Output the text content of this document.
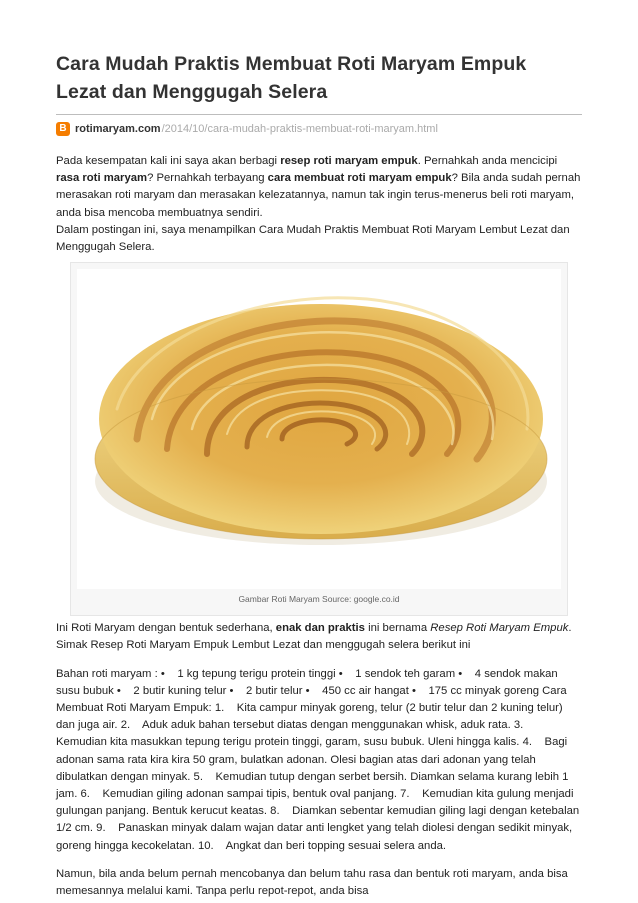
Cara Mudah Praktis Membuat Roti Maryam Empuk Lezat dan Menggugah Selera
B rotimaryam.com /2014/10/cara-mudah-praktis-membuat-roti-maryam.html

Pada kesempatan kali ini saya akan berbagi resep roti maryam empuk. Pernahkah anda mencicipi rasa roti maryam? Pernahkah terbayang cara membuat roti maryam empuk? Bila anda sudah pernah merasakan roti maryam dan merasakan kelezatannya, namun tak ingin terus-menerus beli roti maryam, anda bisa mencoba membuatnya sendiri.
Dalam postingan ini, saya menampilkan Cara Mudah Praktis Membuat Roti Maryam Lembut Lezat dan Menggugah Selera.

Gambar Roti Maryam Source: google.co.id

Ini Roti Maryam dengan bentuk sederhana, enak dan praktis ini bernama Resep Roti Maryam Empuk. Simak Resep Roti Maryam Empuk Lembut Lezat dan menggugah selera berikut ini

Bahan roti maryam : •    1 kg tepung terigu protein tinggi •    1 sendok teh garam •    4 sendok makan susu bubuk •    2 butir kuning telur •    2 butir telur •    450 cc air hangat •    175 cc minyak goreng Cara Membuat Roti Maryam Empuk: 1.    Kita campur minyak goreng, telur (2 butir telur dan 2 kuning telur) dan juga air. 2.    Aduk aduk bahan tersebut diatas dengan menggunakan whisk, aduk rata. 3.    Kemudian kita masukkan tepung terigu protein tinggi, garam, susu bubuk. Uleni hingga kalis. 4.    Bagi adonan sama rata kira kira 50 gram, bulatkan adonan. Olesi bagian atas dari adonan yang telah dibulatkan dengan minyak. 5.    Kemudian tutup dengan serbet bersih. Diamkan selama kurang lebih 1 jam. 6.    Kemudian giling adonan sampai tipis, bentuk oval panjang. 7.    Kemudian kita gulung menjadi gulungan panjang. Bentuk kerucut keatas. 8.    Diamkan sebentar kemudian giling lagi dengan ketebalan 1/2 cm. 9.    Panaskan minyak dalam wajan datar anti lengket yang telah diolesi dengan sedikit minyak, goreng hingga kecokelatan. 10.    Angkat dan beri topping sesuai selera anda.

Namun, bila anda belum pernah mencobanya dan belum tahu rasa dan bentuk roti maryam, anda bisa memesannya melalui kami. Tanpa perlu repot-repot, anda bisa
